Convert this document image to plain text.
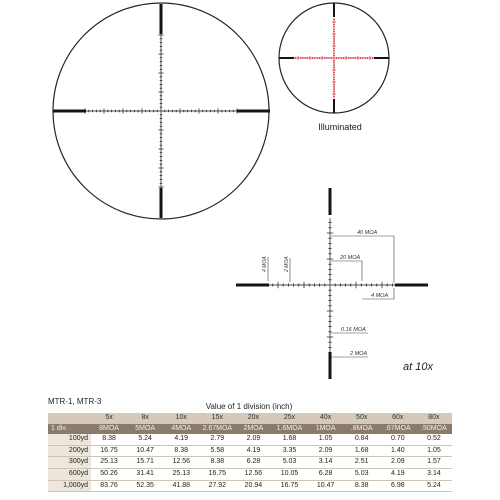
Illuminated
40 MOA
20 MOA
4 MOA	2 MOA
4 MOA
0.16 MOA
2 MOA
at 10x
MTR-1, MTR-3
Value of 1 division (inch)
	5x	8x	10x	15x	20x	25x	40x	50x	60x	80x
1 div.	8MOA	5MOA	4MOA	2.67MOA	2MOA	1.6MOA	1MOA	.8MOA	.67MOA	.50MOA
100yd	8.38	5.24	4.19	2.79	2.09	1.68	1.05	0.84	0.70	0.52
200yd	16.75	10.47	8.38	5.58	4.19	3.35	2.09	1.68	1.40	1.05
300yd	25.13	15.71	12.56	8.38	6.28	5.03	3.14	2.51	2.09	1.57
600yd	50.26	31.41	25.13	16.75	12.56	10.05	6.28	5.03	4.19	3.14
1,000yd	83.76	52.35	41.88	27.92	20.94	16.75	10.47	8.38	6.98	5.24
